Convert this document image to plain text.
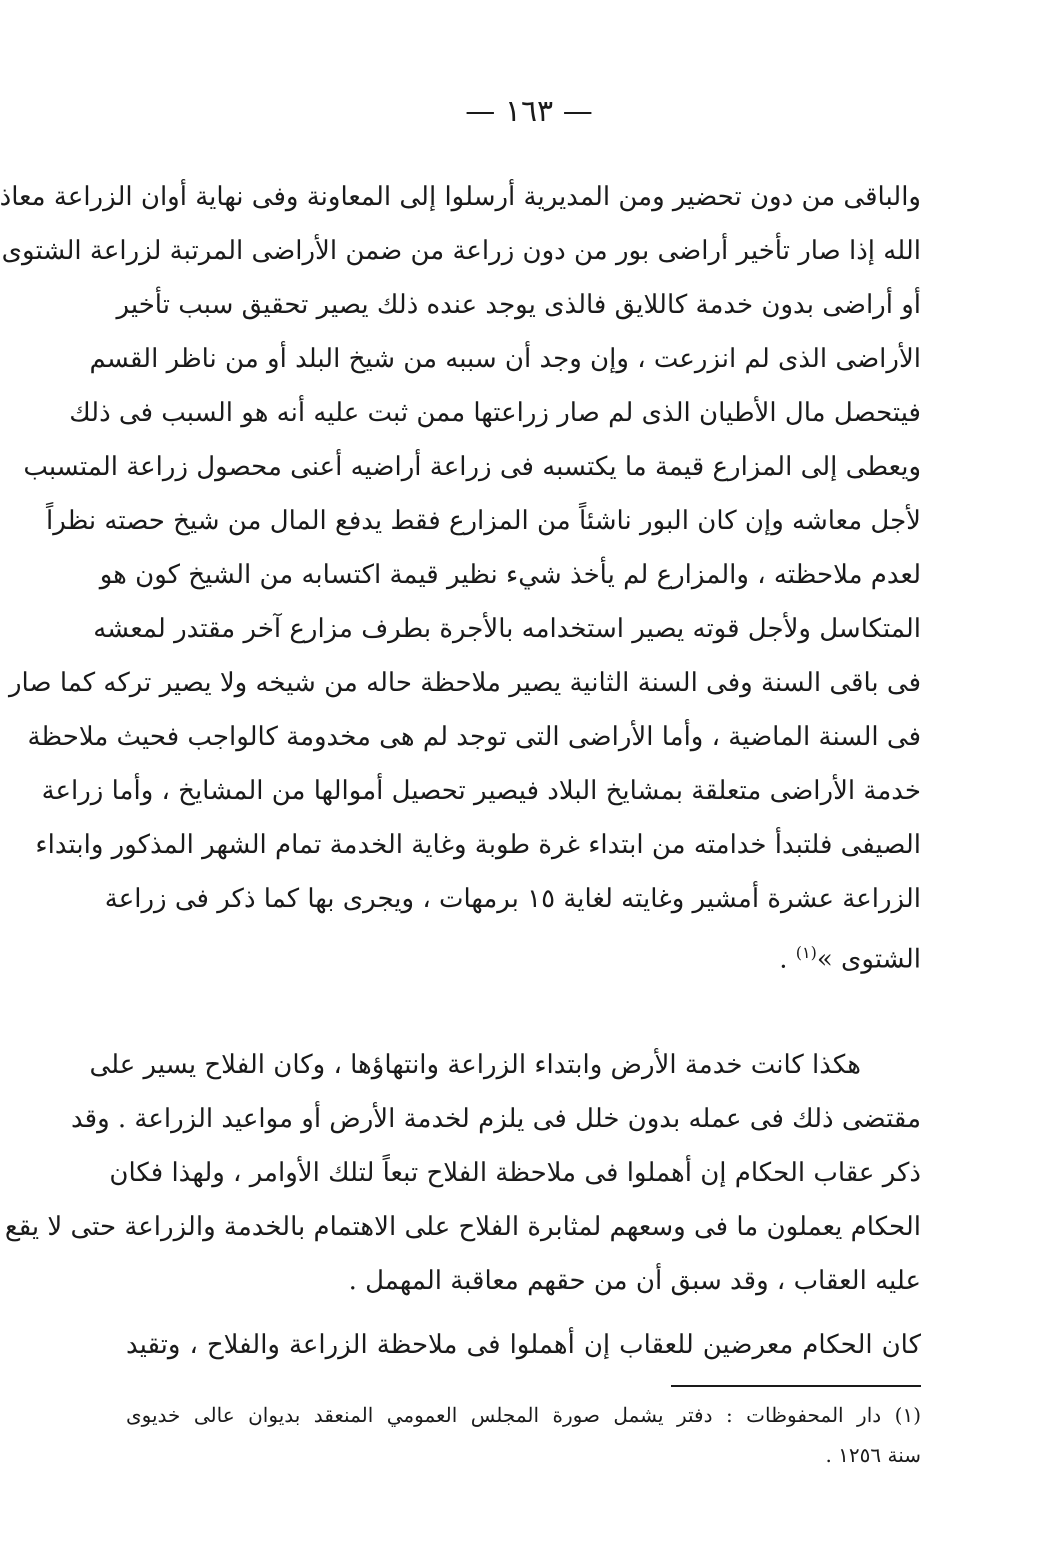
— ١٦٣ —
والباقى من دون تحضير ومن المديرية أرسلوا إلى المعاونة وفى نهاية أوان الزراعة معاذ
الله إذا صار تأخير أراضى بور من دون زراعة من ضمن الأراضى المرتبة لزراعة الشتوى
أو أراضى بدون خدمة كاللايق فالذى يوجد عنده ذلك يصير تحقيق سبب تأخير
الأراضى الذى لم انزرعت ، وإن وجد أن سببه من شيخ البلد أو من ناظر القسم
فيتحصل مال الأطيان الذى لم صار زراعتها ممن ثبت عليه أنه هو السبب فى ذلك
ويعطى إلى المزارع قيمة ما يكتسبه فى زراعة أراضيه أعنى محصول زراعة المتسبب
لأجل معاشه وإن كان البور ناشئاً من المزارع فقط يدفع المال من شيخ حصته نظراً
لعدم ملاحظته ، والمزارع لم يأخذ شيء نظير قيمة اكتسابه من الشيخ كون هو
المتكاسل ولأجل قوته يصير استخدامه بالأجرة بطرف مزارع آخر مقتدر لمعشه
فى باقى السنة وفى السنة الثانية يصير ملاحظة حاله من شيخه ولا يصير تركه كما صار
فى السنة الماضية ، وأما الأراضى التى توجد لم هى مخدومة كالواجب فحيث ملاحظة
خدمة الأراضى متعلقة بمشايخ البلاد فيصير تحصيل أموالها من المشايخ ، وأما زراعة
الصيفى فلتبدأ خدامته من ابتداء غرة طوبة وغاية الخدمة تمام الشهر المذكور وابتداء
الزراعة عشرة أمشير وغايته لغاية ١٥ برمهات ، ويجرى بها كما ذكر فى زراعة
الشتوى »$^{(١)}$ .
هكذا كانت خدمة الأرض وابتداء الزراعة وانتهاؤها ، وكان الفلاح يسير على
مقتضى ذلك فى عمله بدون خلل فى يلزم لخدمة الأرض أو مواعيد الزراعة . وقد
ذكر عقاب الحكام إن أهملوا فى ملاحظة الفلاح تبعاً لتلك الأوامر ، ولهذا فكان
الحكام يعملون ما فى وسعهم لمثابرة الفلاح على الاهتمام بالخدمة والزراعة حتى لا يقع
عليه العقاب ، وقد سبق أن من حقهم معاقبة المهمل .
كان الحكام معرضين للعقاب إن أهملوا فى ملاحظة الزراعة والفلاح ، وتقيد
(١) دار المحفوظات : دفتر يشمل صورة المجلس العمومي المنعقد بديوان عالى خديوى
سنة ١٢٥٦ .
